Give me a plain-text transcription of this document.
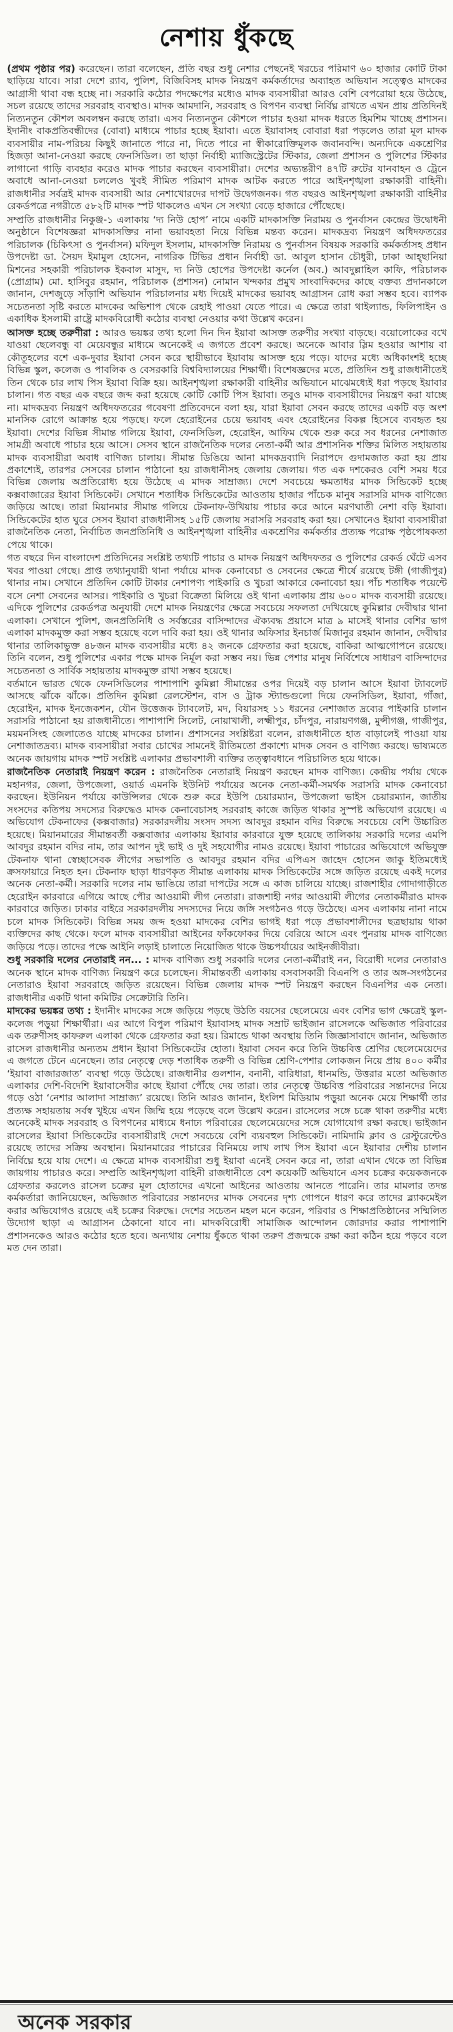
নেশায় ধুঁকছে

(প্রথম পৃষ্ঠার পর) করেছেন। তারা বলেছেন, প্রতি বছর শুধু নেশার পেছনেই খরচের পরিমাণ ৬০ হাজার কোটি টাকা ছাড়িয়ে যাবে। সারা দেশে র‍্যাব, পুলিশ, বিজিবিসহ মাদক নিয়ন্ত্রণ কর্মকর্তাদের অব্যাহত অভিযান সত্ত্বেও মাদকের আগ্রাসী থাবা বন্ধ হচ্ছে না। সরকারি কঠোর পদক্ষেপের মধ্যেও মাদক ব্যবসায়ীরা আরও বেশি বেপরোয়া হয়ে উঠেছে, সচল রয়েছে তাদের সরবরাহ ব্যবস্থাও। মাদক আমদানি, সরবরাহ ও বিপণন ব্যবস্থা নির্বিঘ্ন রাখতে এখন প্রায় প্রতিদিনই নিত্যনতুন কৌশল অবলম্বন করছে তারা। এসব নিত্যনতুন কৌশলে পাচার হওয়া মাদক ধরতে হিমশিম খাচ্ছে প্রশাসন। ইদানীং বাকপ্রতিবন্ধীদের (বোবা) মাধ্যমে পাচার হচ্ছে ইয়াবা। এতে ইয়াবাসহ বোবারা ধরা পড়লেও তারা মূল মাদক ব্যবসায়ীর নাম-পরিচয় কিছুই জানাতে পারে না, দিতে পারে না স্বীকারোক্তিমূলক জবানবন্দি। অন্যদিকে একশ্রেণির হিজড়া আনা-নেওয়া করছে ফেনসিডিল। তা ছাড়া নির্বাহী ম্যাজিস্ট্রেটের স্টিকার, জেলা প্রশাসন ও পুলিশের স্টিকার লাগানো গাড়ি ব্যবহার করেও মাদক পাচার করছেন ব্যবসায়ীরা। দেশের অভ্যন্তরীণ ৪৭টি রুটের যানবাহন ও ট্রেনে অবাধে আনা-নেওয়া চললেও খুবই সীমিত পরিমাণ মাদক আটক করতে পারে আইনশৃঙ্খলা রক্ষাকারী বাহিনী। রাজধানীর সর্বত্রই মাদক ব্যবসায়ী আর নেশাখোরদের দাপট উদ্বেগজনক। গত বছরও আইনশৃঙ্খলা রক্ষাকারী বাহিনীর রেকর্ডপত্রে নগরীতে ৫৮২টি মাদক স্পট থাকলেও এখন সে সংখ্যা বেড়ে হাজারে পৌঁছেছে।

সম্প্রতি রাজধানীর নিকুঞ্জ-১ এলাকায় ‘দ্য নিউ হোপ’ নামে একটি মাদকাসক্তি নিরাময় ও পুনর্বাসন কেন্দ্রের উদ্বোধনী অনুষ্ঠানে বিশেষজ্ঞরা মাদকাসক্তির নানা ভয়াবহতা নিয়ে বিভিন্ন মন্তব্য করেন। মাদকদ্রব্য নিয়ন্ত্রণ অধিদফতরের পরিচালক (চিকিৎসা ও পুনর্বাসন) মফিদুল ইসলাম, মাদকাসক্তি নিরাময় ও পুনর্বাসন বিষয়ক সরকারি কর্মকর্তাসহ প্রধান উপদেষ্টা ডা. সৈয়দ ইমামুল হোসেন, নাগরিক টিভির প্রধান নির্বাহী ডা. আবুল হাসান চৌধুরী, ঢাকা আহ্ছানিয়া মিশনের সহকারী পরিচালক ইকবাল মাসুদ, দ্য নিউ হোপের উপদেষ্টা কর্নেল (অব.) আবদুল্লাহিল কাফি, পরিচালক (প্রোগ্রাম) মো. হাসিবুর রহমান, পরিচালক (প্রশাসন) নোমান খন্দকার প্রমুখ সাংবাদিকদের কাছে বক্তব্য প্রদানকালে জানান, দেশজুড়ে সাঁড়াশি অভিযান পরিচালনার মধ্য দিয়েই মাদকের ভয়াবহ আগ্রাসন রোধ করা সম্ভব হবে। ব্যাপক সচেতনতা সৃষ্টি করতে মাদকের অভিশাপ থেকে রেহাই পাওয়া যেতে পারে। এ ক্ষেত্রে তারা থাইল্যান্ড, ফিলিপাইন ও একাধিক ইসলামী রাষ্ট্রে মাদকবিরোধী কঠোর ব্যবস্থা নেওয়ার কথা উল্লেখ করেন।

আসক্ত হচ্ছে তরুণীরা : আরও ভয়ঙ্কর তথ্য হলো দিন দিন ইয়াবা আসক্ত তরুণীর সংখ্যা বাড়ছে। বয়োলোকের বখে যাওয়া ছেলেবন্ধু বা মেয়েবন্ধুর মাধ্যমে অনেকেই এ জগতে প্রবেশ করছে। অনেকে আবার স্লিম হওয়ার আশায় বা কৌতূহলের বশে এক-দুবার ইয়াবা সেবন করে স্থায়ীভাবে ইয়াবায় আসক্ত হয়ে পড়ে। যাদের মধ্যে অধিকাংশই হচ্ছে বিভিন্ন স্কুল, কলেজ ও পাবলিক ও বেসরকারি বিশ্ববিদ্যালয়ের শিক্ষার্থী। বিশেষজ্ঞদের মতে, প্রতিদিন শুধু রাজধানীতেই তিন থেকে চার লাখ পিস ইয়াবা বিক্রি হয়। আইনশৃঙ্খলা রক্ষাকারী বাহিনীর অভিযানে মাঝেমধ্যেই ধরা পড়ছে ইয়াবার চালান। গত বছর এক বছরে জব্দ করা হয়েছে কোটি কোটি পিস ইয়াবা। তবুও মাদক ব্যবসায়ীদের নিয়ন্ত্রণ করা যাচ্ছে না। মাদকদ্রব্য নিয়ন্ত্রণ অধিদফতরের গবেষণা প্রতিবেদনে বলা হয়, যারা ইয়াবা সেবন করছে তাদের একটি বড় অংশ মানসিক রোগে আক্রান্ত হয়ে পড়ছে। ফলে হেরোইনের চেয়ে ভয়াবহ এবং হেরোইনের বিকল্প হিসেবে ব্যবহৃত হয় ইয়াবা। দেশের বিভিন্ন সীমান্ত গলিয়ে ইয়াবা, ফেনসিডিল, হেরোইন, আফিম থেকে শুরু করে সব ধরনের নেশাজাত সামগ্রী অবাধে পাচার হয়ে আসে। সেসব স্থানে রাজনৈতিক দলের নেতা-কর্মী আর প্রশাসনিক শক্তির মিলিত সহায়তায় মাদক ব্যবসায়ীরা অবাধ বাণিজ্য চালায়। সীমান্ত ডিঙিয়ে আনা মাদকদ্রব্যাদি নিরাপদে গুদামজাত করা হয় প্রায় প্রকাশ্যেই, তারপর সেসবের চালান পাঠানো হয় রাজধানীসহ জেলায় জেলায়। গত এক দশকেরও বেশি সময় ধরে বিভিন্ন জেলায় অপ্রতিরোধ্য হয়ে উঠেছে এ মাদক সাম্রাজ্য। দেশে সবচেয়ে ক্ষমতাধর মাদক সিন্ডিকেট হচ্ছে কক্সবাজারের ইয়াবা সিন্ডিকেট। সেখানে শতাধিক সিন্ডিকেটের আওতায় হাজার পাঁচেক মানুষ সরাসরি মাদক বাণিজ্যে জড়িয়ে আছে। তারা মিয়ানমার সীমান্ত গলিয়ে টেকনাফ-উখিয়ায় পাচার করে আনে মরণঘাতী নেশা বড়ি ইয়াবা। সিন্ডিকেটের হাত ঘুরে সেসব ইয়াবা রাজধানীসহ ১৫টি জেলায় সরাসরি সরবরাহ করা হয়। সেখানেও ইয়াবা ব্যবসায়ীরা রাজনৈতিক নেতা, নির্বাচিত জনপ্রতিনিধি ও আইনশৃঙ্খলা বাহিনীর একশ্রেণির কর্মকর্তার প্রত্যক্ষ পরোক্ষ পৃষ্ঠপোষকতা পেয়ে থাকে।

গত বছরে দিন বাংলাদেশ প্রতিদিনের সংশ্লিষ্ট তথ্যটি পাচার ও মাদক নিয়ন্ত্রণ অধিদফতর ও পুলিশের রেকর্ড ঘেঁটে এসব খবর পাওয়া গেছে। প্রাপ্ত তথ্যানুযায়ী থানা পর্যায়ে মাদক কেনাবেচা ও সেবনের ক্ষেত্রে শীর্ষে রয়েছে টঙ্গী (গাজীপুর) থানার নাম। সেখানে প্রতিদিন কোটি টাকার নেশাপণ্য পাইকারি ও খুচরা আকারে কেনাবেচা হয়। পাঁচ শতাধিক পয়েন্টে বসে নেশা সেবনের আসর। পাইকারি ও খুচরা বিক্রেতা মিলিয়ে ওই থানা এলাকায় প্রায় ৬০০ মাদক ব্যবসায়ী রয়েছে। এদিকে পুলিশের রেকর্ডপত্র অনুযায়ী দেশে মাদক নিয়ন্ত্রণের ক্ষেত্রে সবচেয়ে সফলতা দেখিয়েছে কুমিল্লার দেবীদ্বার থানা এলাকা। সেখানে পুলিশ, জনপ্রতিনিধি ও সর্বস্তরের বাসিন্দাদের ঐক্যবদ্ধ প্রয়াসে মাত্র ৯ মাসেই থানার বেশির ভাগ এলাকা মাদকমুক্ত করা সম্ভব হয়েছে বলে দাবি করা হয়। ওই থানার অফিসার ইনচার্জ মিজানুর রহমান জানান, দেবীদ্বার থানার তালিকাভুক্ত ৪৮জন মাদক ব্যবসায়ীর মধ্যে ৪২ জনকে গ্রেফতার করা হয়েছে, বাকিরা আত্মগোপনে রয়েছে। তিনি বলেন, শুধু পুলিশের একার পক্ষে মাদক নির্মূল করা সম্ভব নয়। ভিন্ন পেশার মানুষ নির্বিশেষে সাধারণ বাসিন্দাদের সচেতনতা ও সার্বিক সহায়তায় মাদকমুক্ত রাখা সম্ভব হয়েছে।

বর্তমানে ভারত থেকে ফেনসিডিলের পাশাপাশি কুমিল্লা সীমান্তের ওপর দিয়েই বড় চালান আসে ইয়াবা ট্যাবলেট আসছে ঝাঁকে ঝাঁকে। প্রতিদিন কুমিল্লা রেলস্টেশন, বাস ও ট্রাক স্ট্যান্ডগুলো দিয়ে ফেনসিডিল, ইয়াবা, গাঁজা, হেরোইন, মাদক ইনজেকশন, যৌন উত্তেজক ট্যাবলেট, মদ, বিয়ারসহ ১১ ধরনের নেশাজাত দ্রব্যের পাইকারি চালান সরাসরি পাঠানো হয় রাজধানীতে। পাশাপাশি সিলেট, নোয়াখালী, লক্ষ্মীপুর, চাঁদপুর, নারায়ণগঞ্জ, মুন্সীগঞ্জ, গাজীপুর, ময়মনসিংহ জেলাতেও যাচ্ছে মাদকের চালান। প্রশাসনের সংশ্লিষ্টরা বলেন, রাজধানীতে হাত বাড়ালেই পাওয়া যায় নেশাজাতদ্রব্য। মাদক ব্যবসায়ীরা সবার চোখের সামনেই রীতিমতো প্রকাশ্যে মাদক সেবন ও বাণিজ্য করছে। ভাষ্যমতে অনেক জায়গায় মাদক স্পট সংশ্লিষ্ট এলাকার প্রভাবশালী ব্যক্তির তত্ত্বাবধানে পরিচালিত হয়ে থাকে।

রাজনৈতিক নেতারাই নিয়ন্ত্রণ করেন : রাজনৈতিক নেতারাই নিয়ন্ত্রণ করছেন মাদক বাণিজ্য। কেন্দ্রীয় পর্যায় থেকে মহানগর, জেলা, উপজেলা, ওয়ার্ড এমনকি ইউনিট পর্যায়ের অনেক নেতা-কর্মী-সমর্থক সরাসরি মাদক কেনাবেচা করছেন। ইউনিয়ন পর্যায়ে কাউন্সিলর থেকে শুরু করে ইউপি চেয়ারম্যান, উপজেলা ভাইস চেয়ারম্যান, জাতীয় সংসদের কতিপয় সদস্যের বিরুদ্ধেও মাদক কেনাবেচাসহ সরবরাহ কাজে জড়িত থাকার সুস্পষ্ট অভিযোগ রয়েছে। এ অভিযোগ টেকনাফের (কক্সবাজার) সরকারদলীয় সংসদ সদস্য আবদুর রহমান বদির বিরুদ্ধে সবচেয়ে বেশি উচ্চারিত হয়েছে। মিয়ানমারের সীমান্তবর্তী কক্সবাজার এলাকায় ইয়াবার কারবারে যুক্ত হয়েছে তালিকায় সরকারি দলের এমপি আবদুর রহমান বদির নাম, তার আপন দুই ভাই ও দুই সহযোগীর নামও রয়েছে। ইয়াবা পাচারের অভিযোগে অভিযুক্ত টেকনাফ থানা স্বেচ্ছাসেবক লীগের সভাপতি ও আবদুর রহমান বদির এপিএস জাহেদ হোসেন জাকু ইতিমধ্যেই ক্রসফায়ারে নিহত হন। টেকনাফ ছাড়া ধারণকৃত সীমান্ত এলাকায় মাদক সিন্ডিকেটের সঙ্গে জড়িত রয়েছে একই দলের অনেক নেতা-কর্মী। সরকারি দলের নাম ভাঙিয়ে তারা দাপটের সঙ্গে এ কাজ চালিয়ে যাচ্ছে। রাজশাহীর গোদাগাড়ীতে হেরোইন কারবারে এগিয়ে আছে পৌর আওয়ামী লীগ নেতারা। রাজশাহী নগর আওয়ামী লীগের নেতাকর্মীরাও মাদক কারবারে জড়িত। ঢাকার বাইরে সরকারদলীয় সদস্যদের নিয়ে জঙ্গি সংগঠনও গড়ে উঠেছে। এসব এলাকায় নানা নামে চলে মাদক সিন্ডিকেট। বিভিন্ন সময় জব্দ হওয়া মাদকের বেশির ভাগই ধরা পড়ে প্রভাবশালীদের ছত্রছায়ায় থাকা ব্যক্তিদের কাছ থেকে। ফলে মাদক ব্যবসায়ীরা আইনের ফাঁকফোকর দিয়ে বেরিয়ে আসে এবং পুনরায় মাদক বাণিজ্যে জড়িয়ে পড়ে। তাদের পক্ষে আইনি লড়াই চালাতে নিয়োজিত থাকে উচ্চপর্যায়ের আইনজীবীরা।

শুধু সরকারি দলের নেতারাই নন... : মাদক বাণিজ্য শুধু সরকারি দলের নেতা-কর্মীরাই নন, বিরোধী দলের নেতারাও অনেক স্থানে মাদক বাণিজ্য নিয়ন্ত্রণ করে চলেছেন। সীমান্তবর্তী এলাকায় বসবাসকারী বিএনপি ও তার অঙ্গ-সংগঠনের নেতারাও ইয়াবা সরবরাহে জড়িত রয়েছেন। বিভিন্ন জেলায় মাদক স্পট নিয়ন্ত্রণ করছেন বিএনপির এক নেতা। রাজধানীর একটি থানা কমিটির সেক্রেটারি তিনি।

মাদকের ভয়ঙ্কর তথ্য : ইদানীং মাদকের সঙ্গে জড়িয়ে পড়ছে উঠতি বয়সের ছেলেমেয়ে এবং বেশির ভাগ ক্ষেত্রেই স্কুল-কলেজ পড়ুয়া শিক্ষার্থীরা। এর আগে বিপুল পরিমাণ ইয়াবাসহ মাদক সম্রাট ভাইজান রাসেলকে অভিজাত পরিবারের এক তরুণীসহ কাফরুল এলাকা থেকে গ্রেফতার করা হয়। রিমান্ডে থাকা অবস্থায় তিনি জিজ্ঞাসাবাদে জানান, অভিজাত রাসেল রাজধানীর অন্যতম প্রধান ইয়াবা সিন্ডিকেটের হোতা। ইয়াবা সেবন করে তিনি উচ্চবিত্ত শ্রেণির ছেলেমেয়েদের এ জগতে টেনে এনেছেন। তার নেতৃত্বে দেড় শতাধিক তরুণী ও বিভিন্ন শ্রেণি-পেশার লোকজন নিয়ে প্রায় ৪০০ কর্মীর ‘ইয়াবা বাজারজাত’ ব্যবস্থা গড়ে উঠেছে। রাজধানীর গুলশান, বনানী, বারিধারা, ধানমন্ডি, উত্তরার মতো অভিজাত এলাকার দেশি-বিদেশি ইয়াবাসেবীর কাছে ইয়াবা পৌঁছে দেয় তারা। তার নেতৃত্বে উচ্চবিত্ত পরিবারের সন্তানদের নিয়ে গড়ে ওঠা ‘নেশার আলাদা সাম্রাজ্য’ রয়েছে। তিনি আরও জানান, ইংলিশ মিডিয়াম পড়ুয়া অনেক মেয়ে শিক্ষার্থী তার প্রত্যক্ষ সহায়তায় সর্বস্ব খুইয়ে এখন জিম্মি হয়ে পড়েছে বলে উল্লেখ করেন। রাসেলের সঙ্গে চক্রে থাকা তরুণীর মধ্যে অনেকেই মাদক সরবরাহ ও বিপণনের মাধ্যমে ধনাঢ্য পরিবারের ছেলেমেয়েদের সঙ্গে যোগাযোগ রক্ষা করছে। ভাইজান রাসেলের ইয়াবা সিন্ডিকেটের ব্যবসায়ীরাই দেশে সবচেয়ে বেশি ব্যয়বহুল সিন্ডিকেট। নামিদামি ক্লাব ও রেস্টুরেন্টেও রয়েছে তাদের সক্রিয় অবস্থান। মিয়ানমারের পাচারের বিনিময়ে লাখ লাখ পিস ইয়াবা এনে ইয়াবার দেশীয় চালান নির্বিঘ্নে হয়ে যায় দেশে। এ ক্ষেত্রে মাদক ব্যবসায়ীরা শুধু ইয়াবা এনেই সেবন করে না, তারা এখান থেকে তা বিভিন্ন জায়গায় পাচারও করে। সম্প্রতি আইনশৃঙ্খলা বাহিনী রাজধানীতে বেশ কয়েকটি অভিযানে এসব চক্রের কয়েকজনকে গ্রেফতার করলেও রাসেল চক্রের মূল হোতাদের এখনো আইনের আওতায় আনতে পারেনি। তার মামলার তদন্ত কর্মকর্তারা জানিয়েছেন, অভিজাত পরিবারের সন্তানদের মাদক সেবনের দৃশ্য গোপনে ধারণ করে তাদের ব্ল্যাকমেইল করার অভিযোগও রয়েছে এই চক্রের বিরুদ্ধে। দেশের সচেতন মহল মনে করেন, পরিবার ও শিক্ষাপ্রতিষ্ঠানের সম্মিলিত উদ্যোগ ছাড়া এ আগ্রাসন ঠেকানো যাবে না। মাদকবিরোধী সামাজিক আন্দোলন জোরদার করার পাশাপাশি প্রশাসনকেও আরও কঠোর হতে হবে। অন্যথায় নেশায় ধুঁকতে থাকা তরুণ প্রজন্মকে রক্ষা করা কঠিন হয়ে পড়বে বলে মত দেন তারা।

অনেক সরকার
